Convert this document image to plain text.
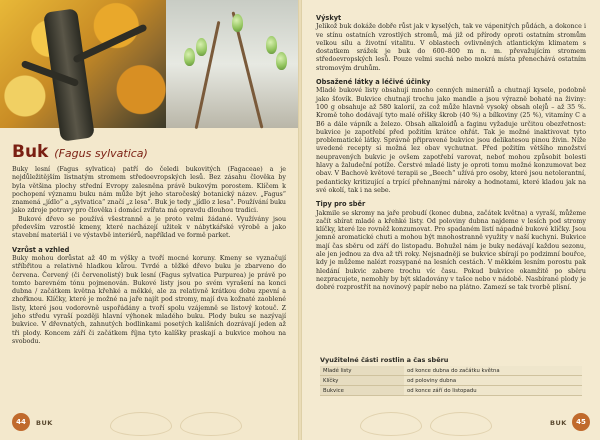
Buk (Fagus sylvatica)

Buky lesní (Fagus sylvatica) patří do čeledi bukovitých (Fagaceae) a je nejdůležitějším listnatým stromem středoevropských lesů. Bez zásahu člověka by byla většina plochy střední Evropy zalesněna právě bukovým porostem. Klíčem k pochopení významu buku nám může být jeho staročeský botanický název. „Fagus“ znamená „jídlo“ a „sylvatica“ značí „z lesa“. Buk je tedy „jídlo z lesa“. Používání buku jako zdroje potravy pro člověka i domácí zvířata má opravdu dlouhou tradici.

Bukové dřevo se používá všestranně a je proto velmi žádané. Využívány jsou především vzrostlé kmeny, které nacházejí užitek v nábytkářské výrobě a jako stavební materiál i ve výstavbě interiérů, například ve formě parket.

Vzrůst a vzhled

Buky mohou dorůstat až 40 m výšky a tvoří mocné koruny. Kmeny se vyznačují stříbřitou a relativně hladkou kůrou. Tvrdé a těžké dřevo buku je zbarveno do červena. Červený (či červenolistý) buk lesní (Fagus sylvatica Purpurea) je právě po tomto barevném tónu pojmenován. Bukové listy jsou po svém vyrašení na konci dubna / začátkem května křehké a měkké, ale za relativně krátkou dobu zpevní a zhořknou. Klíčky, které je možné na jaře najít pod stromy, mají dva kožnaté zaoblené listy, které jsou vodorovně uspořádány a tvoří spolu vzájemně se listový kotouč. Z jeho středu vyraší později hlavní výhonek mladého buku. Plody buku se nazývají bukvice. V dřevnatých, zahnutých bodlinkami posetých kališních dozrávají jeden až tři plody. Koncem září či začátkem října tyto kalíšky praskají a bukvice mohou na svobodu.

44	BUK
Výskyt

Jelikož buk dokáže dobře růst jak v kyselých, tak ve vápenitých půdách, a dokonce i ve stínu ostatních vzrostlých stromů, má již od přírody oproti ostatním stromům velkou sílu a životní vitalitu. V oblastech ovlivněných atlantickým klimatem s dostatkem srážek je buk do 600–800 m n. m. převažujícím stromem středoevropských lesů. Pouze velmi suchá nebo mokrá místa přenechává ostatním stromovým druhům.

Obsažené látky a léčivé účinky

Mladé bukové listy obsahují mnoho cenných minerálů a chutnají kysele, podobně jako šťovík. Bukvice chutnají trochu jako mandle a jsou výrazně bohaté na živiny: 100 g obsahuje až 580 kalorií, za což může hlavně vysoký obsah olejů – až 35 %. Kromě toho dodávají tyto malé oříšky škrob (40 %) a bílkoviny (25 %), vitamíny C a B6 a dále vápník a železo. Obsah alkaloidů a faginu vyžaduje určitou obezřetnost: bukvice je zapotřebí před požitím krátce ohřát. Tak je možné inaktivovat tyto problematické látky. Správně připravené bukvice jsou delikatesou pinou živin. Níže uvedené recepty si možná lez obav vychutnat. Před požitím většího množství neupravených bukvic je ovšem zapotřebí varovat, neboť mohou způsobit bolesti hlavy a žaludeční potíže. Čerstvé mladé listy je oproti tomu možné konzumovat bez obav. V Bachově květové terapii se „Beech“ užívá pro osoby, které jsou netolerantní, pedanticky kritizující a trpící přehnanými nároky a hodnotami, které kladou jak na své okolí, tak i na sebe.

Tipy pro sběr

Jakmile se skromy na jaře probudí (konec dubna, začátek května) a vyraší, můžeme začít sbírat mladé a křehké listy. Od poloviny dubna najdeme v lesích pod stromy klíčky, které lze rovněž konzumovat. Pro spadaném listí nápadné bukové klíčky. Jsou jemně aromatické chuti a mohou být mnohostranně využity v naší kuchyni. Bukvice mají čas sběru od září do listopadu. Bohužel nám je buky nedávají každou sezonu, ale jen jednou za dva až tři roky. Nejsnadněji se bukvice sbírají po podzimní bouřce, kdy je můžeme nalézt rozsypané na lesních cestách. V měkkém lesním porostu pak hledání bukvic zabere trochu víc času. Pokud bukvice okamžitě po sběru nezpracujete, nemohly by být skladovány v tašce nebo v nádobě. Nasbírané plody je dobré rozprostřít na novinový papír nebo na plátno. Zamezí se tak tvorbě plísní.

BUK	45
Využitelné části rostlin a čas sběru
Mladé listy	od konce dubna do začátku května
Klíčky	od poloviny dubna
Bukvice	od konce září do listopadu
